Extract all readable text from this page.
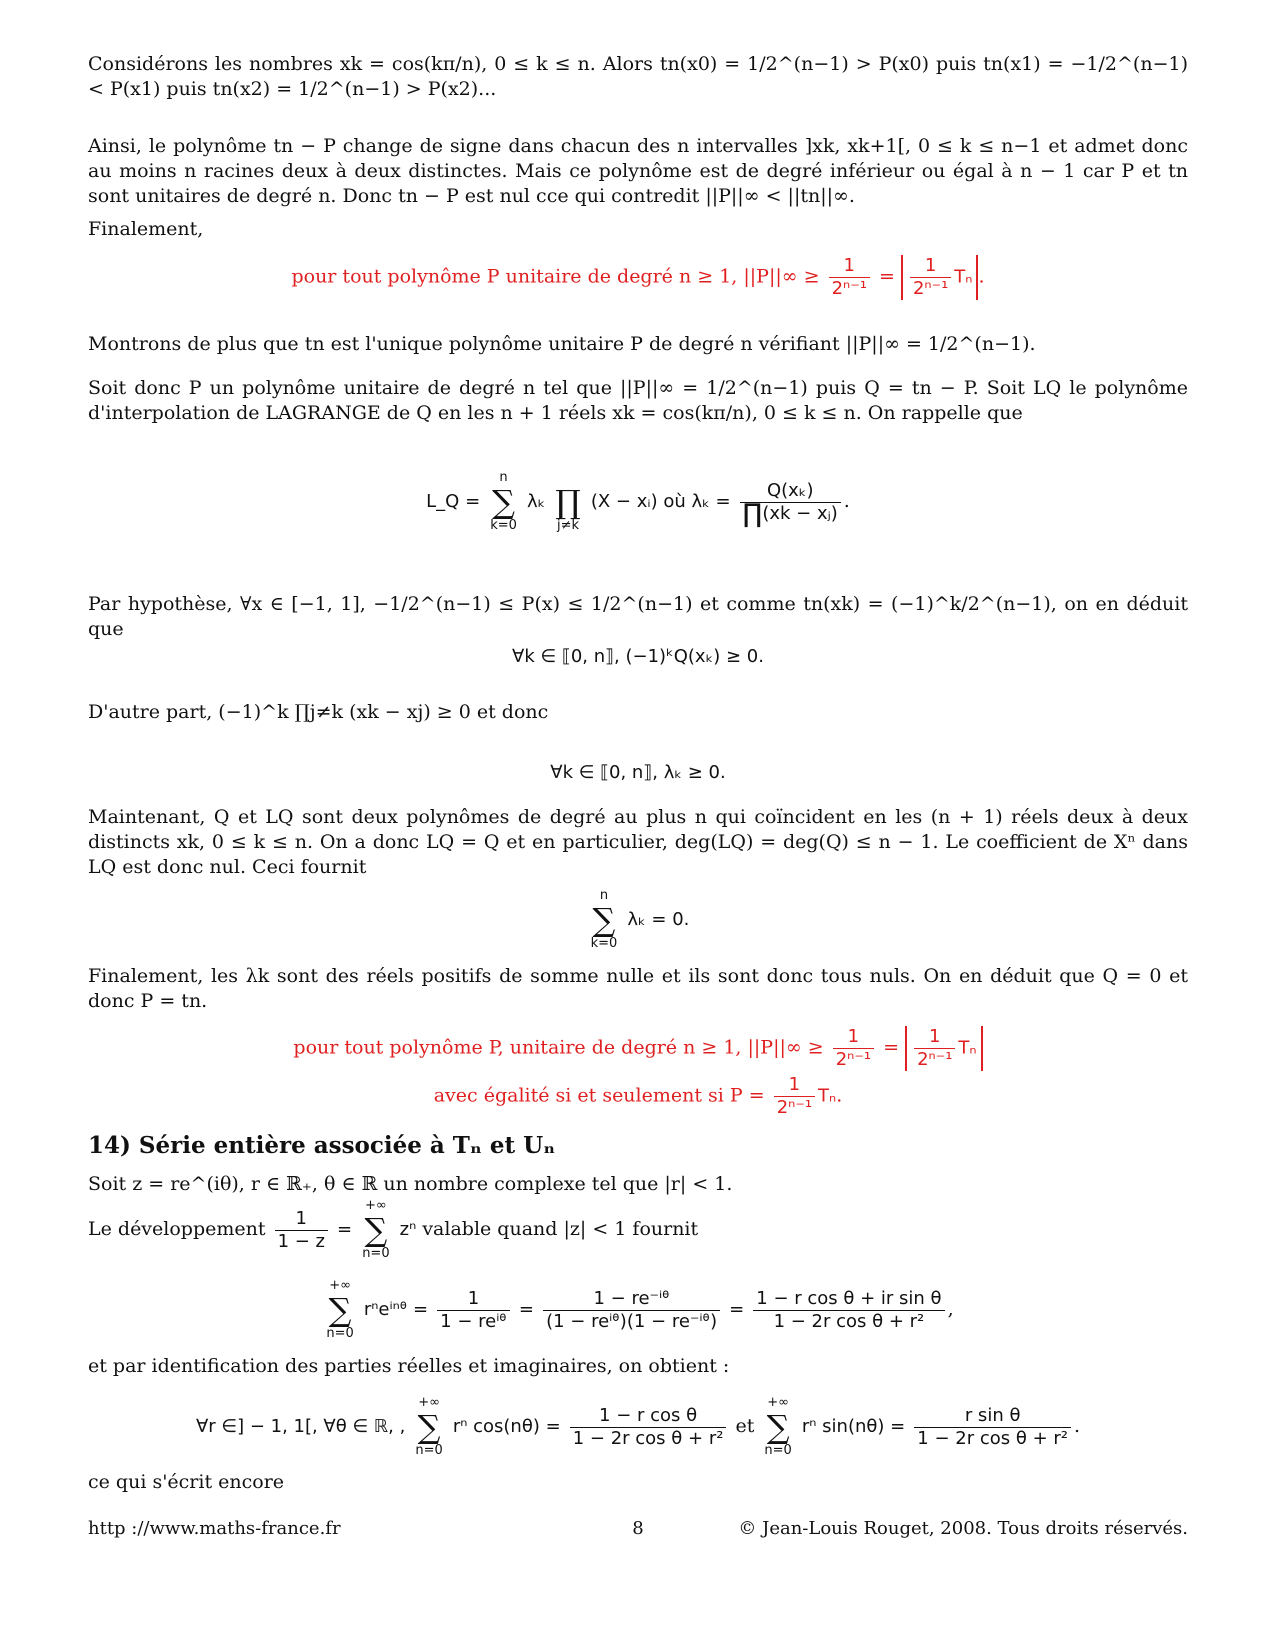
Considérons les nombres xk = cos(kπ/n), 0 ≤ k ≤ n. Alors tn(x0) = 1/2^(n−1) > P(x0) puis tn(x1) = −1/2^(n−1) < P(x1) puis tn(x2) = 1/2^(n−1) > P(x2)...
Ainsi, le polynôme tn − P change de signe dans chacun des n intervalles ]xk, xk+1[, 0 ≤ k ≤ n−1 et admet donc au moins n racines deux à deux distinctes. Mais ce polynôme est de degré inférieur ou égal à n − 1 car P et tn sont unitaires de degré n. Donc tn − P est nul cce qui contredit ||P||∞ < ||tn||∞.
Finalement,
pour tout polynôme P unitaire de degré n ≥ 1, $||P||\infty \ge \frac{1}{\text{2ⁿ⁻¹}} = \frac{1}{\text{2ⁿ⁻¹}}$ Tₙ .
Montrons de plus que tn est l'unique polynôme unitaire P de degré n vérifiant ||P||∞ = 1/2^(n−1).
Soit donc P un polynôme unitaire de degré n tel que ||P||∞ = 1/2^(n−1) puis Q = tn − P. Soit LQ le polynôme d'interpolation de LAGRANGE de Q en les n + 1 réels xk = cos(kπ/n), 0 ≤ k ≤ n. On rappelle que
L_Q =
n
∑
k=0
λₖ
∏
j≠k
(X − xᵢ) où $\lambda_k = \frac{\text{Q(xₖ)}}{\text{∏(xk − xⱼ)}}$ .
Par hypothèse, ∀x ∈ [−1, 1], −1/2^(n−1) ≤ P(x) ≤ 1/2^(n−1) et comme tn(xk) = (−1)^k/2^(n−1), on en déduit que
∀k ∈ ⟦0, n⟧, (−1)ᵏQ(xₖ) ≥ 0.
D'autre part, (−1)^k ∏j≠k (xk − xj) ≥ 0 et donc
∀k ∈ ⟦0, n⟧, λₖ ≥ 0.
Maintenant, Q et LQ sont deux polynômes de degré au plus n qui coïncident en les (n + 1) réels deux à deux distincts xk, 0 ≤ k ≤ n. On a donc LQ = Q et en particulier, deg(LQ) = deg(Q) ≤ n − 1. Le coefficient de Xⁿ dans LQ est donc nul. Ceci fournit
n
∑
k=0
λₖ = 0.
Finalement, les λk sont des réels positifs de somme nulle et ils sont donc tous nuls. On en déduit que Q = 0 et donc P = tn.
pour tout polynôme P, unitaire de degré n ≥ 1, $||P||\infty \ge \frac{1}{\text{2ⁿ⁻¹}} = \frac{1}{\text{2ⁿ⁻¹}}$ Tₙ
avec égalité si et seulement si $P = \frac{1}{\text{2ⁿ⁻¹}} T_n$.
14) Série entière associée à Tₙ et Uₙ
Soit z = re^(iθ), r ∈ ℝ₊, θ ∈ ℝ un nombre complexe tel que |r| < 1.
Le développement $\frac{1}{1 - z}$ =
+∞
∑
n=0
zⁿ valable quand |z| < 1 fournit
+∞
∑
n=0
rⁿeⁱⁿᶿ = $\frac{1}{\text{1 − reⁱᶿ}} = \frac{\text{1 − re⁻ⁱᶿ}}{\text{(1 − reⁱᶿ)(1 − re⁻ⁱᶿ)}} = \frac{\text{1 − r cos θ + ir sin θ}}{\text{1 − 2r cos θ + r²}}$ ,
et par identification des parties réelles et imaginaires, on obtient :
∀r ∈] − 1, 1[, ∀θ ∈ ℝ, ,
+∞
∑
n=0
rⁿ $\cos(n\theta) = \frac{\text{1 − r cos θ}}{\text{1 − 2r cos θ + r²}}$ et
+∞
∑
n=0
rⁿ $\sin(n\theta) = \frac{\text{r sin θ}}{\text{1 − 2r cos θ + r²}}$ .
ce qui s'écrit encore
http ://www.maths-france.fr	8	© Jean-Louis Rouget, 2008. Tous droits réservés.
